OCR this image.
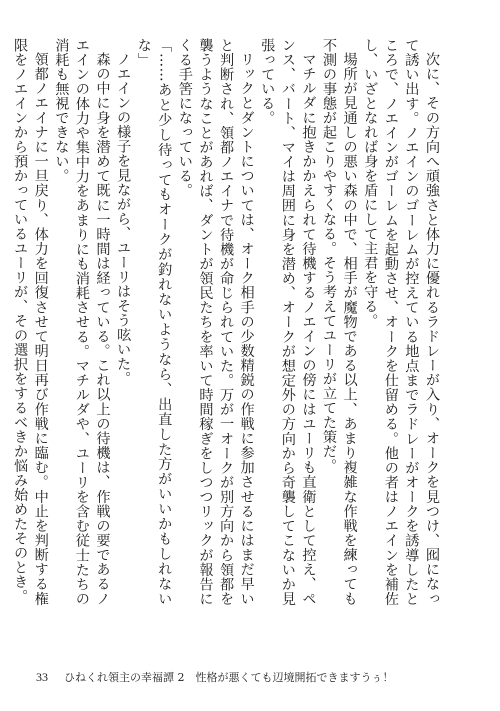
次に、その方向へ頑強さと体力に優れるラドレーが入り、オークを見つけ、囮になって誘い出す。ノエインのゴーレムが控えている地点までラドレーがオークを誘導したところで、ノエインがゴーレムを起動させ、オークを仕留める。他の者はノエインを補佐し、いざとなれば身を盾にして主君を守る。

場所が見通しの悪い森の中で、相手が魔物である以上、あまり複雑な作戦を練っても不測の事態が起こりやすくなる。そう考えてユーリが立てた策だ。

マチルダに抱きかかえられて待機するノエインの傍にはユーリも直衛として控え、ペンス、バート、マイは周囲に身を潜め、オークが想定外の方向から奇襲してこないか見張っている。

リックとダントについては、オーク相手の少数精鋭の作戦に参加させるにはまだ早いと判断され、領都ノエイナで待機が命じられていた。万が一オークが別方向から領都を襲うようなことがあれば、ダントが領民たちを率いて時間稼ぎをしつつリックが報告にくる手筈になっている。

「……あと少し待ってもオークが釣れないようなら、出直した方がいいかもしれないな」

ノエインの様子を見ながら、ユーリはそう呟いた。

森の中に身を潜めて既に一時間は経っている。これ以上の待機は、作戦の要であるノエインの体力や集中力をあまりにも消耗させる。マチルダや、ユーリを含む従士たちの消耗も無視できない。

領都ノエイナに一旦戻り、体力を回復させて明日再び作戦に臨む。中止を判断する権限をノエインから預かっているユーリが、その選択をするべきか悩み始めたそのとき。

33 ひねくれ領主の幸福譚 2　性格が悪くても辺境開拓できますうぅ！
